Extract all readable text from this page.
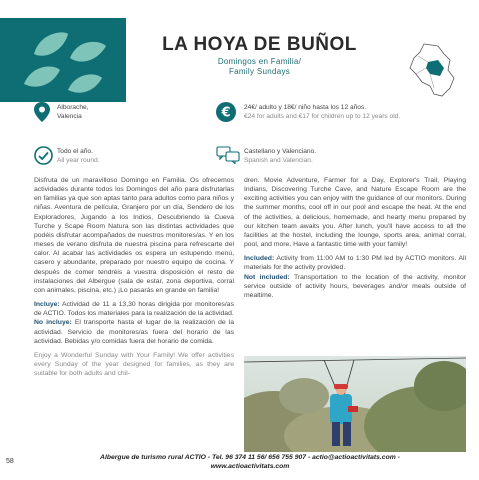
LA HOYA DE BUÑOL
Domingos en Familia/
Family Sundays
Alborache,
Valencia	€ 24€/ adulto y 18€/ niño hasta los 12 años.
€24 for adults and €17 for children up to 12 years old.
Todo el año.
All year round.
Castellano y Valenciano.
Spanish and Valencian.

Disfruta de un maravilloso Domingo en Familia. Os ofrecemos actividades durante todos los Domingos del año para disfrutarlas en familias ya que son aptas tanto para adultos como para niños y niñas. Aventura de película, Granjero por un día, Sendero de los Exploradores, Jugando a los Indios, Descubriendo la Cueva Turche y Scape Room Natura son las distintas actividades que podéis disfrutar acompañados de nuestros monitores/as. Y en los meses de verano disfruta de nuestra piscina para refrescarte del calor. Al acabar las actividades os espera un estupendo menú, casero y abundante, preparado por nuestro equipo de cocina. Y después de comer tendréis a vuestra disposición el resto de instalaciones del Albergue (sala de estar, zona deportiva, corral con animales, piscina, etc.) ¡Lo pasarás en grande en familia!

Incluye: Actividad de 11 a 13,30 horas dirigida por monitores/as de ACTIO. Todos los materiales para la realización de la actividad.
No incluye: El transporte hasta el lugar de la realización de la actividad. Servicio de monitores/as fuera del horario de las actividad. Bebidas y/o comidas fuera del horario de comida.

Enjoy a Wonderful Sunday with Your Family! We offer activities every Sunday of the year designed for families, as they are suitable for both adults and chil-

dren. Movie Adventure, Farmer for a Day, Explorer's Trail, Playing Indians, Discovering Turche Cave, and Nature Escape Room are the exciting activities you can enjoy with the guidance of our monitors. During the summer months, cool off in our pool and escape the heat. At the end of the activities, a delicious, homemade, and hearty menu prepared by our kitchen team awaits you. After lunch, you'll have access to all the facilities at the hostel, including the lounge, sports area, animal corral, pool, and more. Have a fantastic time with your family!

Included: Activity from 11:00 AM to 1:30 PM led by ACTIO monitors. All materials for the activity provided.
Not included: Transportation to the location of the activity, monitor service outside of activity hours, beverages and/or meals outside of mealtime.

58
Albergue de turismo rural ACTIO - Tel. 96 374 11 56/ 656 755 907 - actio@actioactivitats.com -
www.actioactivitats.com
